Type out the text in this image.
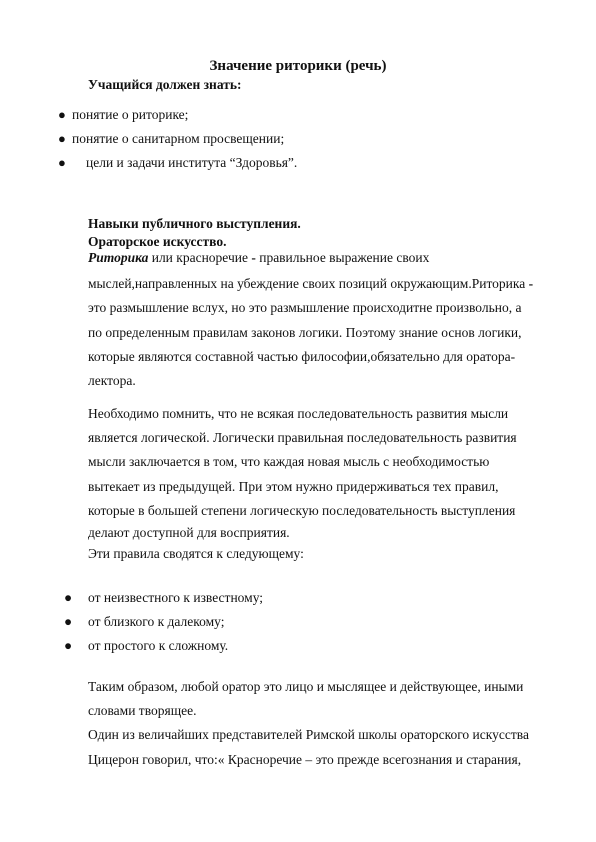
Значение риторики (речь)
Учащийся должен знать:
● понятие о риторике;
● понятие о санитарном просвещении;
● цели и задачи института “Здоровья”.
Навыки публичного выступления.
Ораторское искусство.

Риторика или красноречие - правильное выражение своих

мыслей,направленных на убеждение своих позиций окружающим.Риторика -

это размышление вслух, но это размышление происходитне произвольно, а

по определенным правилам законов логики. Поэтому знание основ логики,

которые являются составной частью философии,обязательно для оратора-

лектора.

Необходимо помнить, что не всякая последовательность развития мысли

является логической. Логически правильная последовательность развития

мысли заключается в том, что каждая новая мысль с необходимостью

вытекает из предыдущей. При этом нужно придерживаться тех правил,

которые в большей степени логическую последовательность выступления

делают доступной для восприятия.

Эти правила сводятся к следующему:

● от неизвестного к известному;
● от близкого к далекому;
● от простого к сложному.

Таким образом, любой оратор это лицо и мыслящее и действующее, иными

словами творящее.

Один из величайших представителей Римской школы ораторского искусства

Цицерон говорил, что:« Красноречие – это прежде всегознания и старания,
